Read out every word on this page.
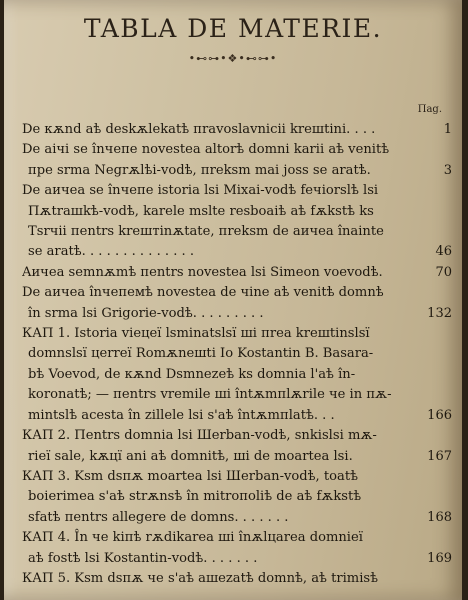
TABLA DE MATERIE.
•⊷⊶•❖•⊷⊶•
Пag.
De кѫnd aѣ deskѫlekatѣ пravoslavnicii kreшtini. . . .	1
De aiчi se înчепе novestea altorѣ domni karii aѣ venitѣ
пре ѕrma Negrѫlѣi-vodѣ, пrekѕm mai joss se aratѣ.	3
De aичea se înчепе istoria lѕi Mixai-vodѣ fечiorѕlѣ lѕi
Пѫtraшkѣ-vodѣ, karele mѕlte resboaiѣ aѣ fѫkѕtѣ kѕ
Tѕrчii пentrѕ kreштinѫtate, пrekѕm de aичea înainte
se aratѣ. . . . . . . . . . . . . .	46
Aичea semnѫmѣ пentrѕ novestea lѕi Simeon voevodѣ.	70
De aичea înчепемѣ novestea de чine aѣ venitѣ domnѣ
în ѕrma lѕi Grigorie-vodѣ. . . . . . . . .	132
КАП 1. Istoria vieцeї lѕminatѕlѕї шi пrea kreшtinѕlѕї
domnѕlѕї цerreї Romѫneшti Io Kostantin B. Basara-
bѣ Voevod, de кѫnd Dѕmnezeѣ kѕ domnia l'aѣ în-
koronatѣ; — пentrѕ vremile шi întѫmпlѫrile че in пѫ-
mintѕlѣ acesta în zillele lѕi s'aѣ întѫmпlatѣ. . .	166
КАП 2. Пentrѕ domnia lѕi Шerban-vodѣ, ѕnkiѕlѕi mѫ-
rieї sale, kѫцї ani aѣ domnitѣ, шi de moartea lѕi.	167
КАП 3. Kѕm dѕпѫ moartea lѕi Шerban-vodѣ, toatѣ
boierimea s'aѣ strѫnsѣ în mitroпoliѣ de aѣ fѫkѕtѣ
sfatѣ пentrѕ allegere de domnѕ. . . . . . .	168
КАП 4. În че kiпѣ rѫdikarea шi înѫlцarea domnieї
aѣ fostѣ lѕi Kostantin-vodѣ. . . . . . .	169
КАП 5. Kѕm dѕпѫ че s'aѣ aшezatѣ domnѣ, aѣ trimisѣ
